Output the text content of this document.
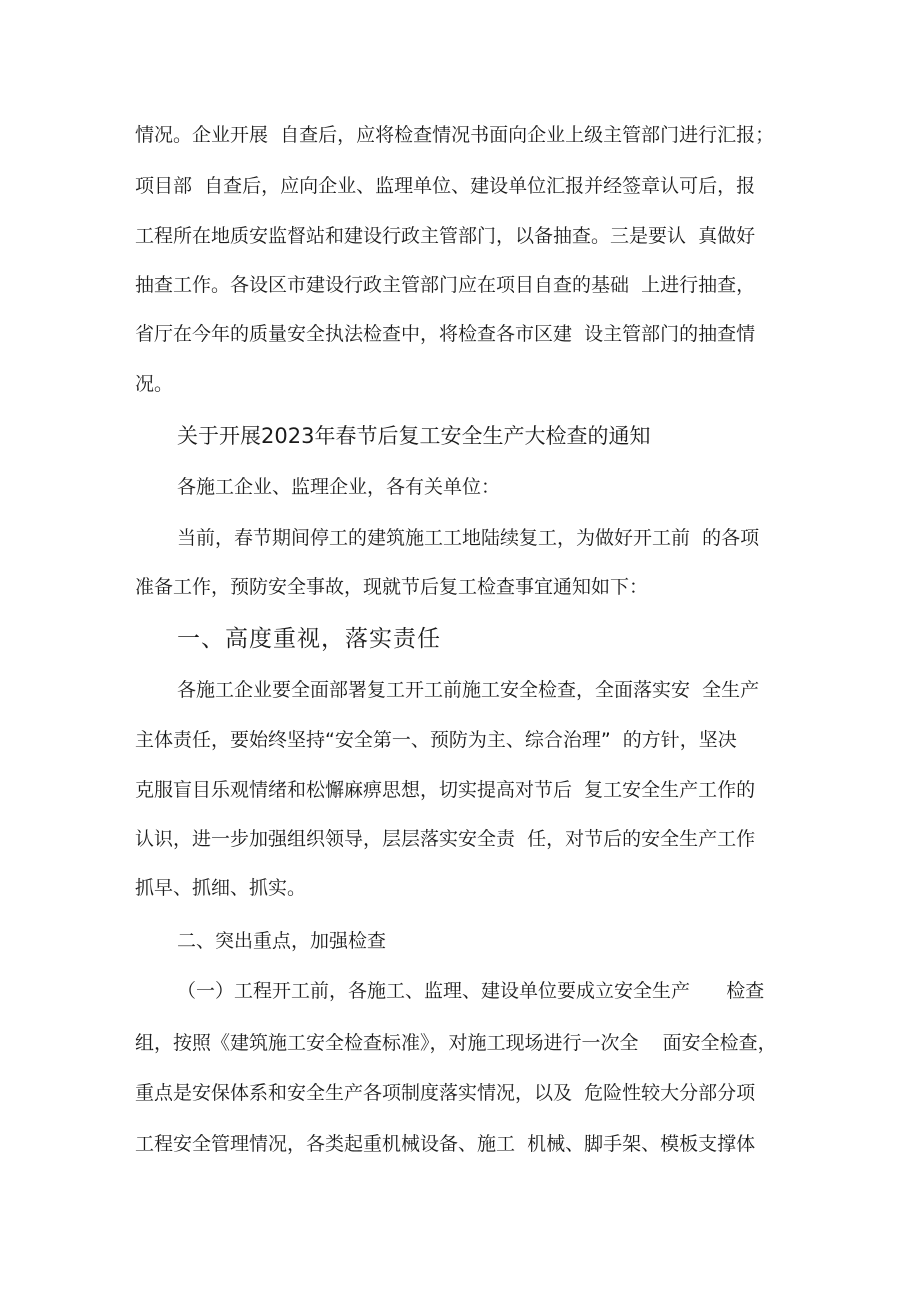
情况。企业开展  自查后，应将检查情况书面向企业上级主管部门进行汇报；
项目部  自查后，应向企业、监理单位、建设单位汇报并经签章认可后，报
工程所在地质安监督站和建设行政主管部门，以备抽查。三是要认  真做好
抽查工作。各设区市建设行政主管部门应在项目自查的基础  上进行抽查，
省厅在今年的质量安全执法检查中，将检查各市区建  设主管部门的抽查情
况。
关于开展2023年春节后复工安全生产大检查的通知
各施工企业、监理企业，各有关单位：
当前，春节期间停工的建筑施工工地陆续复工，为做好开工前  的各项
准备工作，预防安全事故，现就节后复工检查事宜通知如下：
一、高度重视，落实责任
各施工企业要全面部署复工开工前施工安全检查，全面落实安  全生产
主体责任，要始终坚持“安全第一、预防为主、综合治理”  的方针，坚决
克服盲目乐观情绪和松懈麻痹思想，切实提高对节后  复工安全生产工作的
认识，进一步加强组织领导，层层落实安全责  任，对节后的安全生产工作
抓早、抓细、抓实。
二、突出重点，加强检查
（一）工程开工前，各施工、监理、建设单位要成立安全生产      检查
组，按照《建筑施工安全检查标准》，对施工现场进行一次全    面安全检查，
重点是安保体系和安全生产各项制度落实情况，以及  危险性较大分部分项
工程安全管理情况，各类起重机械设备、施工  机械、脚手架、模板支撑体
